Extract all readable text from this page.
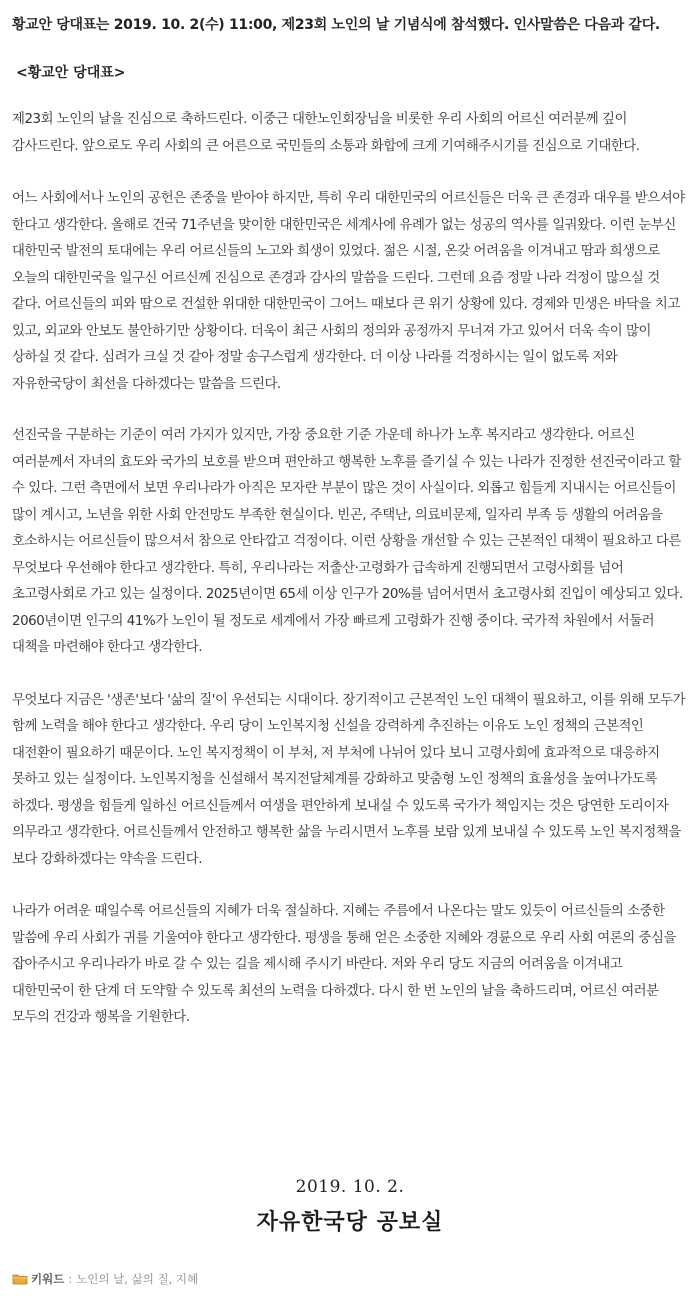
황교안 당대표는 2019. 10. 2(수) 11:00, 제23회 노인의 날 기념식에 참석했다. 인사말씀은 다음과 같다.

<황교안 당대표>

제23회 노인의 날을 진심으로 축하드린다. 이중근 대한노인회장님을 비롯한 우리 사회의 어르신 여러분께 깊이 감사드린다. 앞으로도 우리 사회의 큰 어른으로 국민들의 소통과 화합에 크게 기여해주시기를 진심으로 기대한다.

어느 사회에서나 노인의 공헌은 존중을 받아야 하지만, 특히 우리 대한민국의 어르신들은 더욱 큰 존경과 대우를 받으셔야 한다고 생각한다. 올해로 건국 71주년을 맞이한 대한민국은 세계사에 유례가 없는 성공의 역사를 일궈왔다. 이런 눈부신 대한민국 발전의 토대에는 우리 어르신들의 노고와 희생이 있었다. 젊은 시절, 온갖 어려움을 이겨내고 땀과 희생으로 오늘의 대한민국을 일구신 어르신께 진심으로 존경과 감사의 말씀을 드린다. 그런데 요즘 정말 나라 걱정이 많으실 것 같다. 어르신들의 피와 땀으로 건설한 위대한 대한민국이 그어느 때보다 큰 위기 상황에 있다. 경제와 민생은 바닥을 치고 있고, 외교와 안보도 불안하기만 상황이다. 더욱이 최근 사회의 정의와 공정까지 무너져 가고 있어서 더욱 속이 많이 상하실 것 같다. 심려가 크실 것 같아 정말 송구스럽게 생각한다. 더 이상 나라를 걱정하시는 일이 없도록 저와 자유한국당이 최선을 다하겠다는 말씀을 드린다.

선진국을 구분하는 기준이 여러 가지가 있지만, 가장 중요한 기준 가운데 하나가 노후 복지라고 생각한다. 어르신 여러분께서 자녀의 효도와 국가의 보호를 받으며 편안하고 행복한 노후를 즐기실 수 있는 나라가 진정한 선진국이라고 할 수 있다. 그런 측면에서 보면 우리나라가 아직은 모자란 부분이 많은 것이 사실이다. 외롭고 힘들게 지내시는 어르신들이 많이 계시고, 노년을 위한 사회 안전망도 부족한 현실이다. 빈곤, 주택난, 의료비문제, 일자리 부족 등 생활의 어려움을 호소하시는 어르신들이 많으셔서 참으로 안타깝고 걱정이다. 이런 상황을 개선할 수 있는 근본적인 대책이 필요하고 다른 무엇보다 우선해야 한다고 생각한다. 특히, 우리나라는 저출산·고령화가 급속하게 진행되면서 고령사회를 넘어 초고령사회로 가고 있는 실정이다. 2025년이면 65세 이상 인구가 20%를 넘어서면서 초고령사회 진입이 예상되고 있다. 2060년이면 인구의 41%가 노인이 될 정도로 세계에서 가장 빠르게 고령화가 진행 중이다. 국가적 차원에서 서둘러 대책을 마련해야 한다고 생각한다.

무엇보다 지금은 '생존'보다 '삶의 질'이 우선되는 시대이다. 장기적이고 근본적인 노인 대책이 필요하고, 이를 위해 모두가 함께 노력을 해야 한다고 생각한다. 우리 당이 노인복지청 신설을 강력하게 추진하는 이유도 노인 정책의 근본적인 대전환이 필요하기 때문이다. 노인 복지정책이 이 부처, 저 부처에 나뉘어 있다 보니 고령사회에 효과적으로 대응하지 못하고 있는 실정이다. 노인복지청을 신설해서 복지전달체계를 강화하고 맞춤형 노인 정책의 효율성을 높여나가도록 하겠다. 평생을 힘들게 일하신 어르신들께서 여생을 편안하게 보내실 수 있도록 국가가 책임지는 것은 당연한 도리이자 의무라고 생각한다. 어르신들께서 안전하고 행복한 삶을 누리시면서 노후를 보람 있게 보내실 수 있도록 노인 복지정책을 보다 강화하겠다는 약속을 드린다.

나라가 어려운 때일수록 어르신들의 지혜가 더욱 절실하다. 지혜는 주름에서 나온다는 말도 있듯이 어르신들의 소중한 말씀에 우리 사회가 귀를 기울여야 한다고 생각한다. 평생을 통해 얻은 소중한 지혜와 경륜으로 우리 사회 여론의 중심을 잡아주시고 우리나라가 바로 갈 수 있는 길을 제시해 주시기 바란다. 저와 우리 당도 지금의 어려움을 이겨내고 대한민국이 한 단계 더 도약할 수 있도록 최선의 노력을 다하겠다. 다시 한 번 노인의 날을 축하드리며, 어르신 여러분 모두의 건강과 행복을 기원한다.

2019. 10. 2.
자유한국당 공보실
키워드 : 노인의 날, 삶의 질, 지혜
